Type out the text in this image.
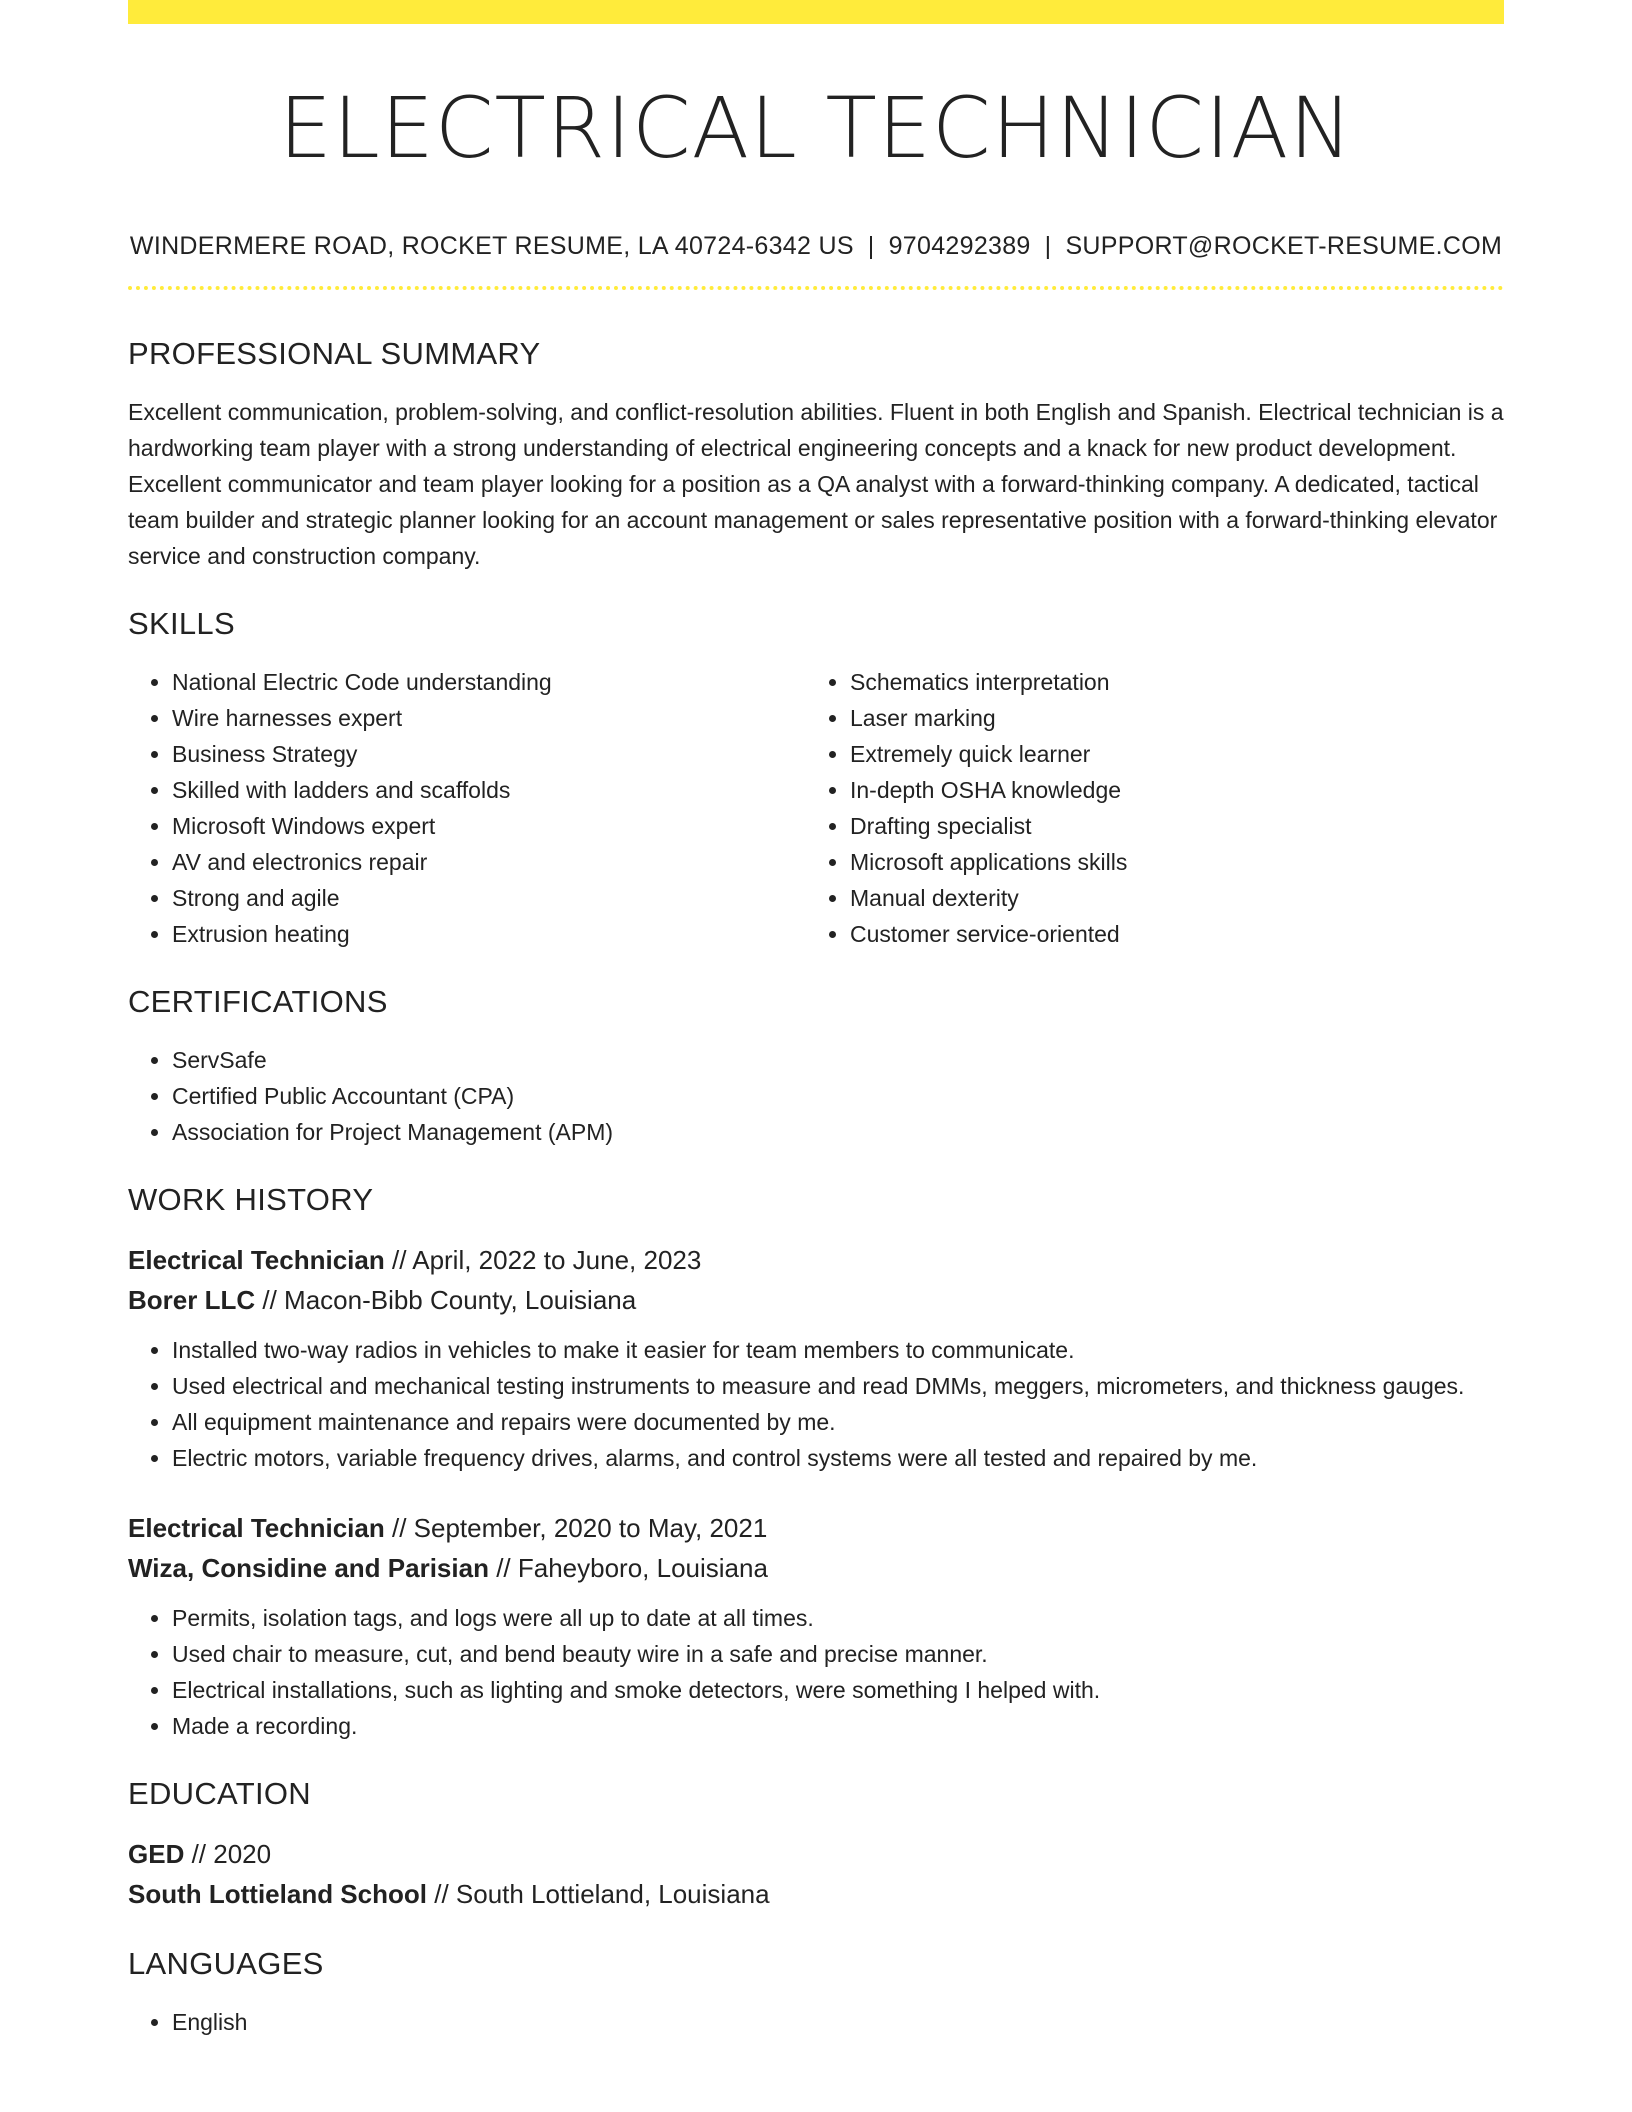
ELECTRICAL TECHNICIAN
WINDERMERE ROAD, ROCKET RESUME, LA 40724-6342 US | 9704292389 | SUPPORT@ROCKET-RESUME.COM
PROFESSIONAL SUMMARY
Excellent communication, problem-solving, and conflict-resolution abilities. Fluent in both English and Spanish. Electrical technician is a hardworking team player with a strong understanding of electrical engineering concepts and a knack for new product development. Excellent communicator and team player looking for a position as a QA analyst with a forward-thinking company. A dedicated, tactical team builder and strategic planner looking for an account management or sales representative position with a forward-thinking elevator service and construction company.
SKILLS
• National Electric Code understanding
• Wire harnesses expert
• Business Strategy
• Skilled with ladders and scaffolds
• Microsoft Windows expert
• AV and electronics repair
• Strong and agile
• Extrusion heating
• Schematics interpretation
• Laser marking
• Extremely quick learner
• In-depth OSHA knowledge
• Drafting specialist
• Microsoft applications skills
• Manual dexterity
• Customer service-oriented
CERTIFICATIONS
• ServSafe
• Certified Public Accountant (CPA)
• Association for Project Management (APM)
WORK HISTORY
Electrical Technician // April, 2022 to June, 2023
Borer LLC // Macon-Bibb County, Louisiana
• Installed two-way radios in vehicles to make it easier for team members to communicate.
• Used electrical and mechanical testing instruments to measure and read DMMs, meggers, micrometers, and thickness gauges.
• All equipment maintenance and repairs were documented by me.
• Electric motors, variable frequency drives, alarms, and control systems were all tested and repaired by me.
Electrical Technician // September, 2020 to May, 2021
Wiza, Considine and Parisian // Faheyboro, Louisiana
• Permits, isolation tags, and logs were all up to date at all times.
• Used chair to measure, cut, and bend beauty wire in a safe and precise manner.
• Electrical installations, such as lighting and smoke detectors, were something I helped with.
• Made a recording.
EDUCATION
GED // 2020
South Lottieland School // South Lottieland, Louisiana
LANGUAGES
• English
